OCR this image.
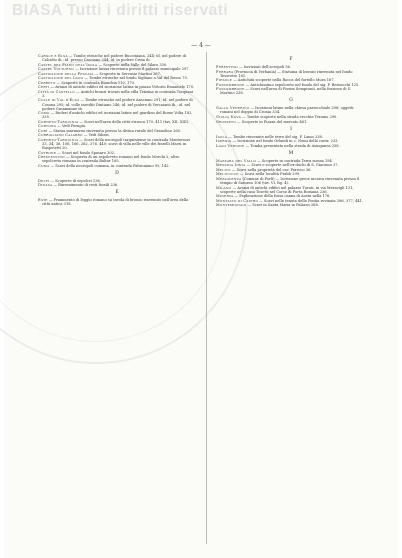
BIASA Tutti i diritti riservati
— 4 —
Carole e Elsa — Tombe etrusche nel podere Bucciniana, 244; id. nel podere di Calcidio ib.; id. presso Casciano 244; id. in podere Crina ib.
Castel del Piano nell'Isola — Scoperte nella Valle del Silaro 330.
Castel Volturno — Iscrizione latina rinvenuta presso il palazzo municipale 297.
Castiglione della Pescaia — Scoperte in Servasio Martini 267.
Castiglione del Lago — Tombe etrusche nel fondo Sigliano a Val del Rosso 75.
Cerreto — Scoperte in contrada Bianchia 110, 170.
Certi — Avanzi di antichi edifici ed iscrizione latina in piazza Vittorio Emanuele 170.
Città di Castello — Antichi bronzi trovati nella villa Tenzina in contrada Torquani 3.
Colle di Val d'Elsa — Tombe etrusche nel podere Ansciano 291; id. nel podere di Cosona 295; id. colle insediti Dintiano 246; id. nel podere di Vercaiano ib.; id. nel podere Gasamanne ib.
Como — Ruderi d'antichi edifici ed iscrizioni latine nel giardino del Rome Volta 182, 335.
Corneto-Tarquinia — Scavi nell'area della città etrusca 170, 411 (tav. XII, XIII).
Cortona — Vedi Perugia.
Cori — Statua marmorea rinvenuta presso la divina rurale del Granolino 260.
Corrigliano Calabro — Vedi Sibari.
Corneto-Tarquinia — Scavi della necropoli tarquiniense in contrada Monterozzi 33, 34, 36, 106, 166, 262, 376, 440; scavi di villa nelle ville dei fratelli Marzi in Ruspotetti 20.
Cotrone — Scavi nel fondo Spasaro 302.
Crescentino — Scoperta di un sepolcreto romano nel fondo Morchi 2; altro sepolcreto romano in contrada Baltur 165.
Cuma — Scavi della necropoli cumana, in contrada Fabroniano 95, 142.
D
Delfi — Scoperte di sepolcri 136.
Dinasa — Rinvenimento di resti fossili 236.
E
Este — Frammento di leggio romano su tavola di bronzo rinvenuto nell'area della città antica 318.
F
Ferentino — Iscrizioni dell'acropoli 56.
Ferrara (Provincia di Verbania) — Statuina di bronzo rinvenuta nel fondo Tesoretto 161.
Fiesole — Antichità scoperte nella Rocca del fortello Mura 167.
Fossombrone — Antichissimo sepolcreto nel fondo del sig. F. Bernacchi 125.
Fossombrone — Scavi nell'area di Forum Sempronii, nella frazione di S. Martino 238.
G
Gallo Venerico — Iscrizioni latine nella chiesa parrocchiale 298; oggetti romani nel doppio di Cronia 334.
Giulia Nova — Tombe scoperte nella strada vecchia Teramo 290.
Grosseto — Scoperte in Piazza del mercato 461.
I
Isola — Tombe rinvenute nelle terre del sig. F. Lamo 238.
Isernia — Iscrizione nel fondo Orlandi in c. Nemi della contr. 233.
Lago Vergine — Tomba presentata nella strada di Asinganea 258.
M
Mazzara del Vallo — Scoperte in contrada Terra mossa 194.
Messina Ionia — Scavi e scoperte nell'ex-duchi di S. Giacomo 37.
Melito — Scavi nella proprietà del cav. Parroco 36.
Melicucco — Scavi nella località Frabb 299.
Mezzavenza (Comune di Forlì) — Iscrizione greca arcaica rinvenuta presso il tempio di Saturno 106 (tav. VI, fig. 4).
Milano — Avanzi di antichi edifici nel palazzo Turati, in via Meravigli 131; scoperte nella casa Tosetti nel Corso di Porta Romana 236.
Minerva — Esplorazione della fossa canna di Aosta nella 176.
Montalto di Castro — Scavi nella tenuta della Pontia rovinata 286, 377, 441.
Montemignaio — Scavi in Santa Maria in Palazzo 268.
